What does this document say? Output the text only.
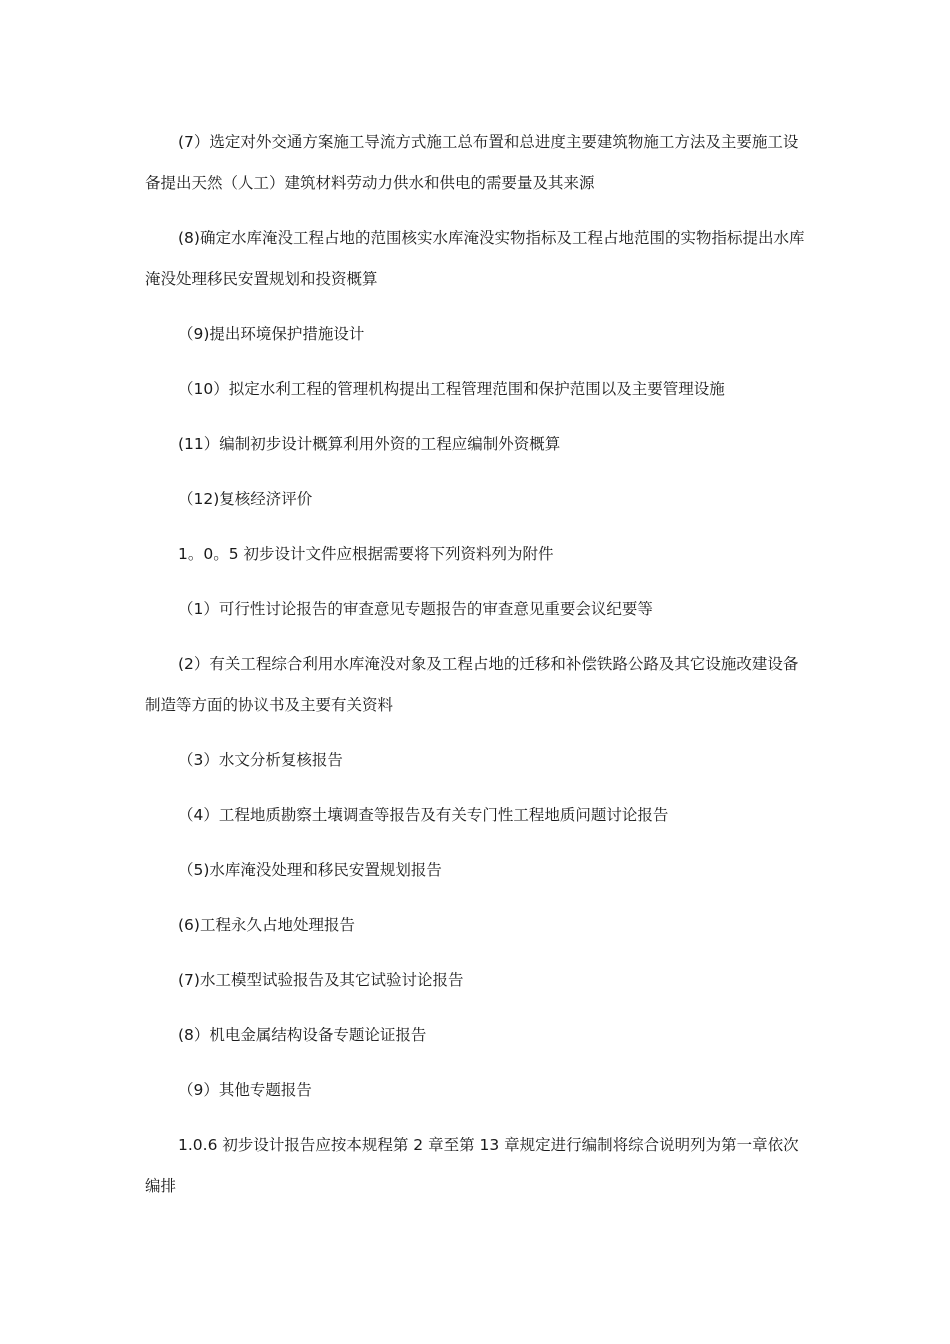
(7）选定对外交通方案施工导流方式施工总布置和总进度主要建筑物施工方法及主要施工设备提出天然（人工）建筑材料劳动力供水和供电的需要量及其来源

(8)确定水库淹没工程占地的范围核实水库淹没实物指标及工程占地范围的实物指标提出水库淹没处理移民安置规划和投资概算

（9)提出环境保护措施设计

（10）拟定水利工程的管理机构提出工程管理范围和保护范围以及主要管理设施

(11）编制初步设计概算利用外资的工程应编制外资概算

（12)复核经济评价

1。0。5 初步设计文件应根据需要将下列资料列为附件

（1）可行性讨论报告的审查意见专题报告的审查意见重要会议纪要等

(2）有关工程综合利用水库淹没对象及工程占地的迁移和补偿铁路公路及其它设施改建设备制造等方面的协议书及主要有关资料

（3）水文分析复核报告

（4）工程地质勘察土壤调查等报告及有关专门性工程地质问题讨论报告

（5)水库淹没处理和移民安置规划报告

(6)工程永久占地处理报告

(7)水工模型试验报告及其它试验讨论报告

(8）机电金属结构设备专题论证报告

（9）其他专题报告

1.0.6 初步设计报告应按本规程第 2 章至第 13 章规定进行编制将综合说明列为第一章依次编排
